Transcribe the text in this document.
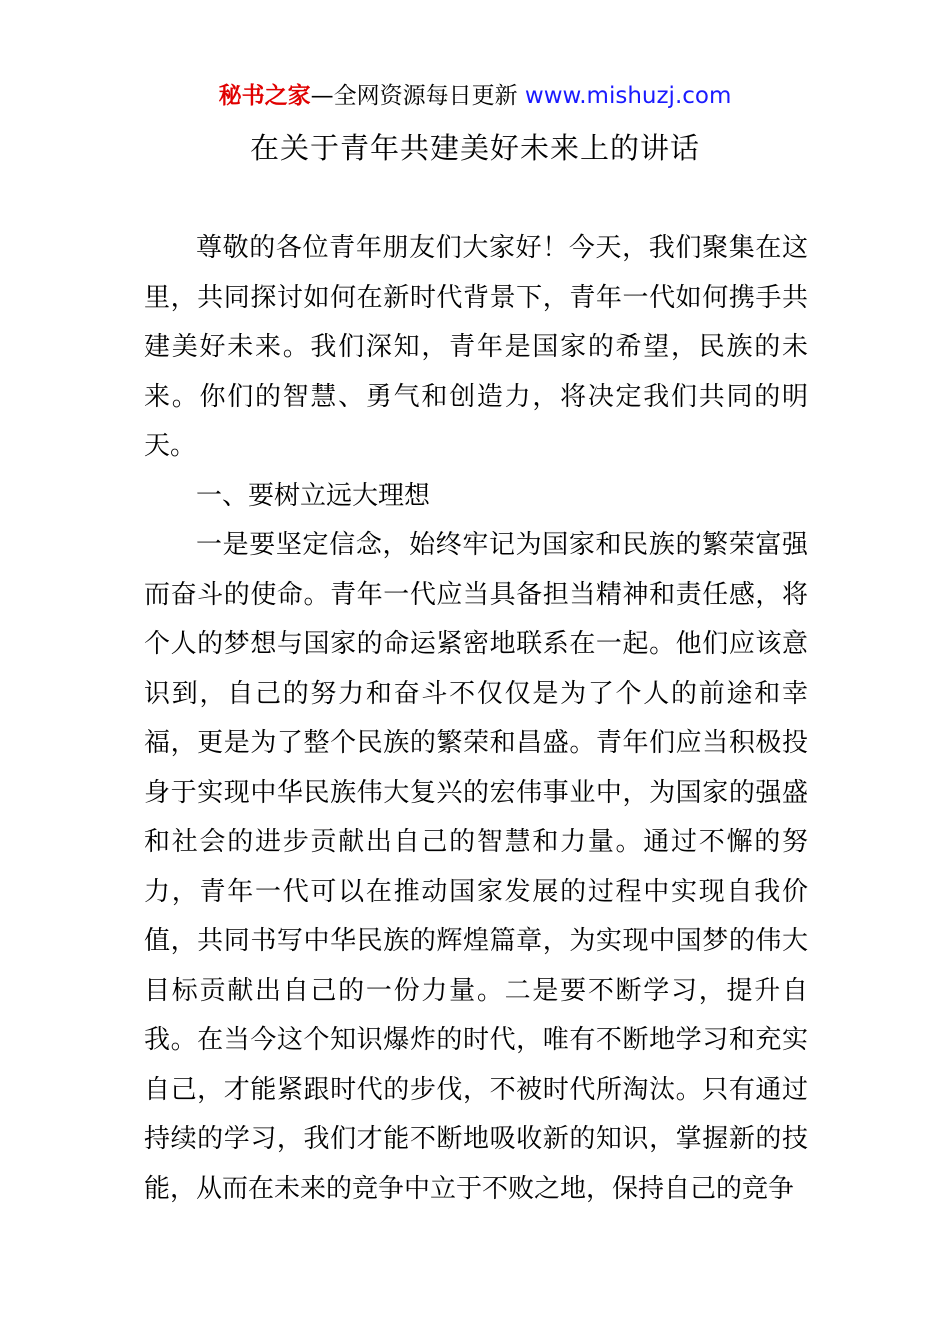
秘书之家—全网资源每日更新 www.mishuzj.com
在关于青年共建美好未来上的讲话

尊敬的各位青年朋友们大家好！今天，我们聚集在这里，共同探讨如何在新时代背景下，青年一代如何携手共建美好未来。我们深知，青年是国家的希望，民族的未来。你们的智慧、勇气和创造力，将决定我们共同的明天。

一、要树立远大理想

一是要坚定信念，始终牢记为国家和民族的繁荣富强而奋斗的使命。青年一代应当具备担当精神和责任感，将个人的梦想与国家的命运紧密地联系在一起。他们应该意识到，自己的努力和奋斗不仅仅是为了个人的前途和幸福，更是为了整个民族的繁荣和昌盛。青年们应当积极投身于实现中华民族伟大复兴的宏伟事业中，为国家的强盛和社会的进步贡献出自己的智慧和力量。通过不懈的努力，青年一代可以在推动国家发展的过程中实现自我价值，共同书写中华民族的辉煌篇章，为实现中国梦的伟大目标贡献出自己的一份力量。二是要不断学习，提升自我。在当今这个知识爆炸的时代，唯有不断地学习和充实自己，才能紧跟时代的步伐，不被时代所淘汰。只有通过持续的学习，我们才能不断地吸收新的知识，掌握新的技能，从而在未来的竞争中立于不败之地，保持自己的竞争
